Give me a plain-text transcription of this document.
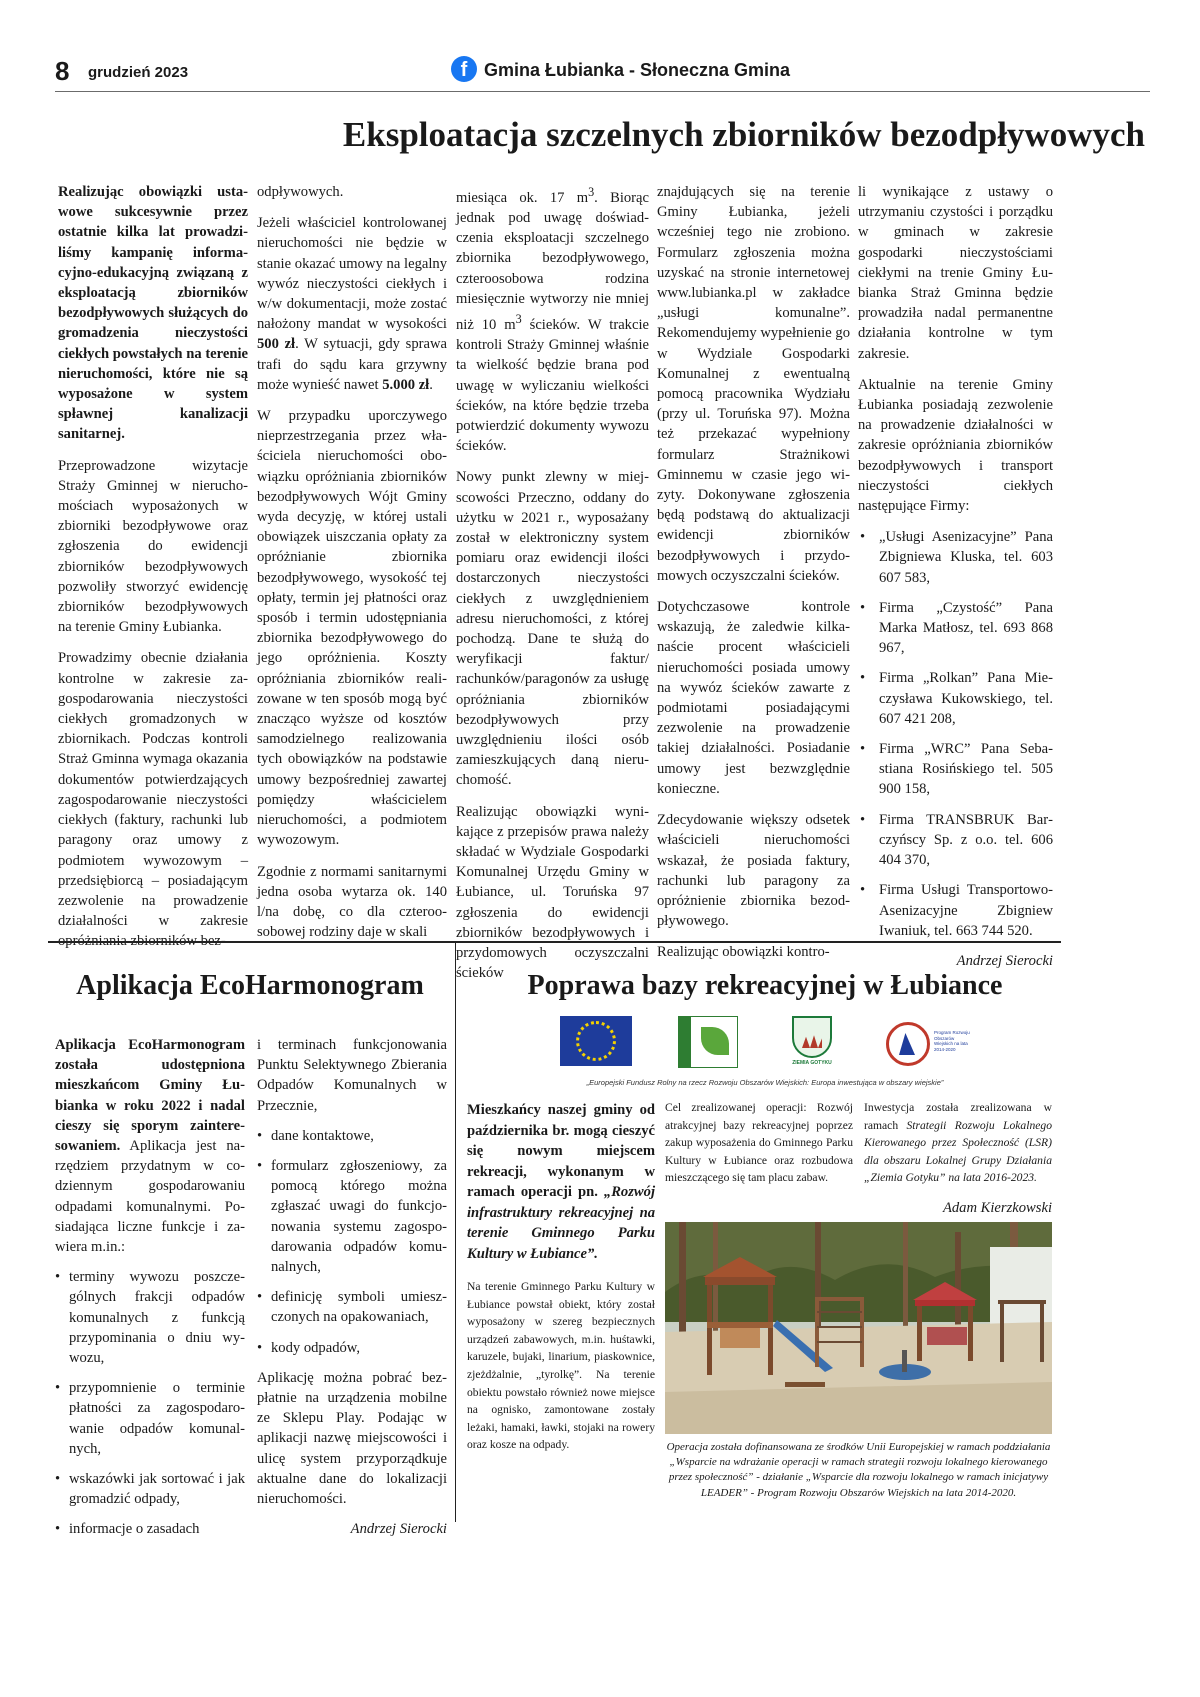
8 grudzień 2023	f Gmina Łubianka - Słoneczna Gmina
Eksploatacja szczelnych zbiorników bezodpływowych

Realizując obowiązki ustawowe sukcesywnie przez ostatnie kilka lat prowadziliśmy kampanię informacyjno-edukacyjną związaną z eksploatacją zbiorników bezodpływowych służących do gromadzenia nieczystości ciekłych powstałych na terenie nieruchomości, które nie są wyposażone w system spławnej kanalizacji sanitarnej.

Przeprowadzone wizytacje Straży Gminnej w nieruchomościach wyposażonych w zbiorniki bezodpływowe oraz zgłoszenia do ewidencji zbiorników bezodpływowych pozwoliły stworzyć ewidencję zbiorników bezodpływowych na terenie Gminy Łubianka.

Prowadzimy obecnie działania kontrolne w zakresie zagospodarowania nieczystości ciekłych gromadzonych w zbiornikach. Podczas kontroli Straż Gminna wymaga okazania dokumentów potwierdzających zagospodarowanie nieczystości ciekłych (faktury, rachunki lub paragony oraz umowy z podmiotem wywozowym – przedsiębiorcą – posiadającym zezwolenie na prowadzenie działalności w zakresie opróżniania zbiorników bez-

odpływowych.

Jeżeli właściciel kontrolowanej nieruchomości nie będzie w stanie okazać umowy na legalny wywóz nieczystości ciekłych i w/w dokumentacji, może zostać nałożony mandat w wysokości 500 zł. W sytuacji, gdy sprawa trafi do sądu kara grzywny może wynieść nawet 5.000 zł.

W przypadku uporczywego nieprzestrzegania przez właściciela nieruchomości obowiązku opróżniania zbiorników bezodpływowych Wójt Gminy wyda decyzję, w której ustali obowiązek uiszczania opłaty za opróżnianie zbiornika bezodpływowego, wysokość tej opłaty, termin jej płatności oraz sposób i termin udostępniania zbiornika bezodpływowego do jego opróżnienia. Koszty opróżniania zbiorników realizowane w ten sposób mogą być znacząco wyższe od kosztów samodzielnego realizowania tych obowiązków na podstawie umowy bezpośredniej zawartej pomiędzy właścicielem nieruchomości, a podmiotem wywozowym.

Zgodnie z normami sanitarnymi jedna osoba wytarza ok. 140 l/na dobę, co dla czteroosobowej rodziny daje w skali

miesiąca ok. 17 $m^3$. Biorąc jednak pod uwagę doświadczenia eksploatacji szczelnego zbiornika bezodpływowego, czteroosobowa rodzina miesięcznie wytworzy nie mniej niż 10 $m^3$ ścieków. W trakcie kontroli Straży Gminnej właśnie ta wielkość będzie brana pod uwagę w wyliczaniu wielkości ścieków, na które będzie trzeba potwierdzić dokumenty wywozu ścieków.

Nowy punkt zlewny w miejscowości Przeczno, oddany do użytku w 2021 r., wyposażany został w elektroniczny system pomiaru oraz ewidencji ilości dostarczonych nieczystości ciekłych z uwzględnieniem adresu nieruchomości, z której pochodzą. Dane te służą do weryfikacji faktur/ rachunków/paragonów za usługę opróżniania zbiorników bezodpływowych przy uwzględnieniu ilości osób zamieszkujących daną nieruchomość.

Realizując obowiązki wynikające z przepisów prawa należy składać w Wydziale Gospodarki Komunalnej Urzędu Gminy w Łubiance, ul. Toruńska 97 zgłoszenia do ewidencji zbiorników bezodpływowych i przydomowych oczyszczalni ścieków

znajdujących się na terenie Gminy Łubianka, jeżeli wcześniej tego nie zrobiono. Formularz zgłoszenia można uzyskać na stronie internetowej www.lubianka.pl w zakładce „usługi komunalne”. Rekomendujemy wypełnienie go w Wydziale Gospodarki Komunalnej z ewentualną pomocą pracownika Wydziału (przy ul. Toruńska 97). Można też przekazać wypełniony formularz Strażnikowi Gminnemu w czasie jego wizyty. Dokonywane zgłoszenia będą podstawą do aktualizacji ewidencji zbiorników bezodpływowych i przydomowych oczyszczalni ścieków.

Dotychczasowe kontrole wskazują, że zaledwie kilkanaście procent właścicieli nieruchomości posiada umowy na wywóz ścieków zawarte z podmiotami posiadającymi zezwolenie na prowadzenie takiej działalności. Posiadanie umowy jest bezwzględnie konieczne.

Zdecydowanie większy odsetek właścicieli nieruchomości wskazał, że posiada faktury, rachunki lub paragony za opróżnienie zbiornika bezodpływowego.

Realizując obowiązki kontro-

li wynikające z ustawy o utrzymaniu czystości i porządku w gminach w zakresie gospodarki nieczystościami ciekłymi na trenie Gminy Łubianka Straż Gminna będzie prowadziła nadal permanentne działania kontrolne w tym zakresie.

Aktualnie na terenie Gminy Łubianka posiadają zezwolenie na prowadzenie działalności w zakresie opróżniania zbiorników bezodpływowych i transport nieczystości ciekłych następujące Firmy:

• „Usługi Asenizacyjne” Pana Zbigniewa Kluska, tel. 603 607 583,
• Firma „Czystość” Pana Marka Matłosz, tel. 693 868 967,
• Firma „Rolkan” Pana Mieczysława Kukowskiego, tel. 607 421 208,
• Firma „WRC” Pana Sebastiana Rosińskiego tel. 505 900 158,
• Firma TRANSBRUK Barczyńscy Sp. z o.o. tel. 606 404 370,
• Firma Usługi Transportowo-Asenizacyjne Zbigniew Iwaniuk, tel. 663 744 520.

Andrzej Sierocki

Aplikacja EcoHarmonogram

Aplikacja EcoHarmonogram została udostępniona mieszkańcom Gminy Łubianka w roku 2022 i nadal cieszy się sporym zainteresowaniem. Aplikacja jest narzędziem przydatnym w codziennym gospodarowaniu odpadami komunalnymi. Posiadająca liczne funkcje i zawiera m.in.:

• terminy wywozu poszczególnych frakcji odpadów komunalnych z funkcją przypominania o dniu wywozu,
• przypomnienie o terminie płatności za zagospodarowanie odpadów komunalnych,
• wskazówki jak sortować i jak gromadzić odpady,
• informacje o zasadach

i terminach funkcjonowania Punktu Selektywnego Zbierania Odpadów Komunalnych w Przecznie,

• dane kontaktowe,
• formularz zgłoszeniowy, za pomocą którego można zgłaszać uwagi do funkcjonowania systemu zagospodarowania odpadów komunalnych,
• definicję symboli umieszczonych na opakowaniach,
• kody odpadów,

Aplikację można pobrać bezpłatnie na urządzenia mobilne ze Sklepu Play. Podając w aplikacji nazwę miejscowości i ulicę system przyporządkuje aktualne dane do lokalizacji nieruchomości.

Andrzej Sierocki

Poprawa bazy rekreacyjnej w Łubiance
ZIEMIA GOTYKU
Program Rozwoju Obszarów Wiejskich na lata 2014-2020
„Europejski Fundusz Rolny na rzecz Rozwoju Obszarów Wiejskich: Europa inwestująca w obszary wiejskie”

Mieszkańcy naszej gminy od października br. mogą cieszyć się nowym miejscem rekreacji, wykonanym w ramach operacji pn. „Rozwój infrastruktury rekreacyjnej na terenie Gminnego Parku Kultury w Łubiance”.

Na terenie Gminnego Parku Kultury w Łubiance powstał obiekt, który został wyposażony w szereg bezpiecznych urządzeń zabawowych, m.in. huśtawki, karuzele, bujaki, linarium, piaskownice, zjeżdżalnie, „tyrolkę”. Na terenie obiektu powstało również nowe miejsce na ognisko, zamontowane zostały leżaki, hamaki, ławki, stojaki na rowery oraz kosze na odpady.

Cel zrealizowanej operacji: Rozwój atrakcyjnej bazy rekreacyjnej poprzez zakup wyposażenia do Gminnego Parku Kultury w Łubiance oraz rozbudowa mieszczącego się tam placu zabaw.

Inwestycja została zrealizowana w ramach Strategii Rozwoju Lokalnego Kierowanego przez Społeczność (LSR) dla obszaru Lokalnej Grupy Działania „Ziemia Gotyku” na lata 2016-2023.

Adam Kierzkowski
Operacja została dofinansowana ze środków Unii Europejskiej w ramach poddziałania „Wsparcie na wdrażanie operacji w ramach strategii rozwoju lokalnego kierowanego przez społeczność” - działanie „Wsparcie dla rozwoju lokalnego w ramach inicjatywy LEADER” - Program Rozwoju Obszarów Wiejskich na lata 2014-2020.
